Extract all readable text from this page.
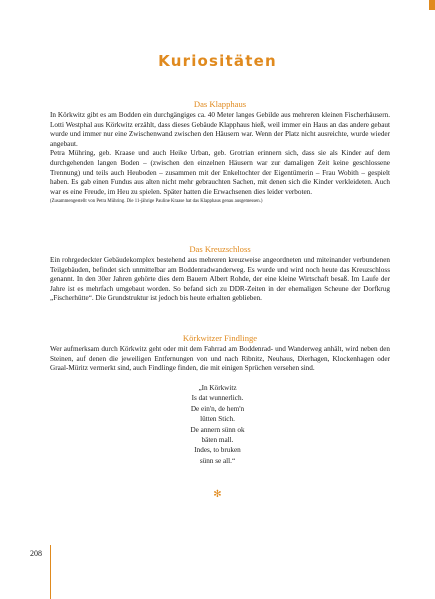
Kuriositäten
Das Klapphaus

In Körkwitz gibt es am Bodden ein durchgängiges ca. 40 Meter langes Gebilde aus mehreren kleinen Fischerhäusern. Lotti Westphal aus Körkwitz erzählt, dass dieses Gebäude Klapphaus hieß, weil immer ein Haus an das andere gebaut wurde und immer nur eine Zwischenwand zwischen den Häusern war. Wenn der Platz nicht ausreichte, wurde wieder angebaut.

Petra Mühring, geb. Kraase und auch Heike Urban, geb. Grotrian erinnern sich, dass sie als Kinder auf dem durchgehenden langen Boden – (zwischen den einzelnen Häusern war zur damaligen Zeit keine geschlossene Trennung) und teils auch Heuboden – zusammen mit der Enkeltochter der Eigentümerin – Frau Wobith – gespielt haben. Es gab einen Fundus aus alten nicht mehr gebrauchten Sachen, mit denen sich die Kinder verkleideten. Auch war es eine Freude, im Heu zu spielen. Später hatten die Erwachsenen dies leider verboten.

(Zusammengestellt von Petra Mühring. Die 11-jährige Pauline Kraase hat das Klapphaus genau ausgemessen.)
Das Kreuzschloss

Ein rohrgedeckter Gebäudekomplex bestehend aus mehreren kreuzweise angeordneten und miteinander verbundenen Teilgebäuden, befindet sich unmittelbar am Boddenradwanderweg. Es wurde und wird noch heute das Kreuzschloss genannt. In den 30er Jahren gehörte dies dem Bauern Albert Rohde, der eine kleine Wirtschaft besaß. Im Laufe der Jahre ist es mehrfach umgebaut worden. So befand sich zu DDR-Zeiten in der ehemaligen Scheune der Dorfkrug „Fischerhütte“. Die Grundstruktur ist jedoch bis heute erhalten geblieben.

Körkwitzer Findlinge

Wer aufmerksam durch Körkwitz geht oder mit dem Fahrrad am Boddenrad- und Wanderweg anhält, wird neben den Steinen, auf denen die jeweiligen Entfernungen von und nach Ribnitz, Neuhaus, Dierhagen, Klockenhagen oder Graal-Müritz vermerkt sind, auch Findlinge finden, die mit einigen Sprüchen versehen sind.

„In Körkwitz
Is dat wunnerlich.
De ein'n, de hem'n
lütten Stich.
De annern sünn ok
bäten mall.
Indes, to bruken
sünn se all.“
✻
208
